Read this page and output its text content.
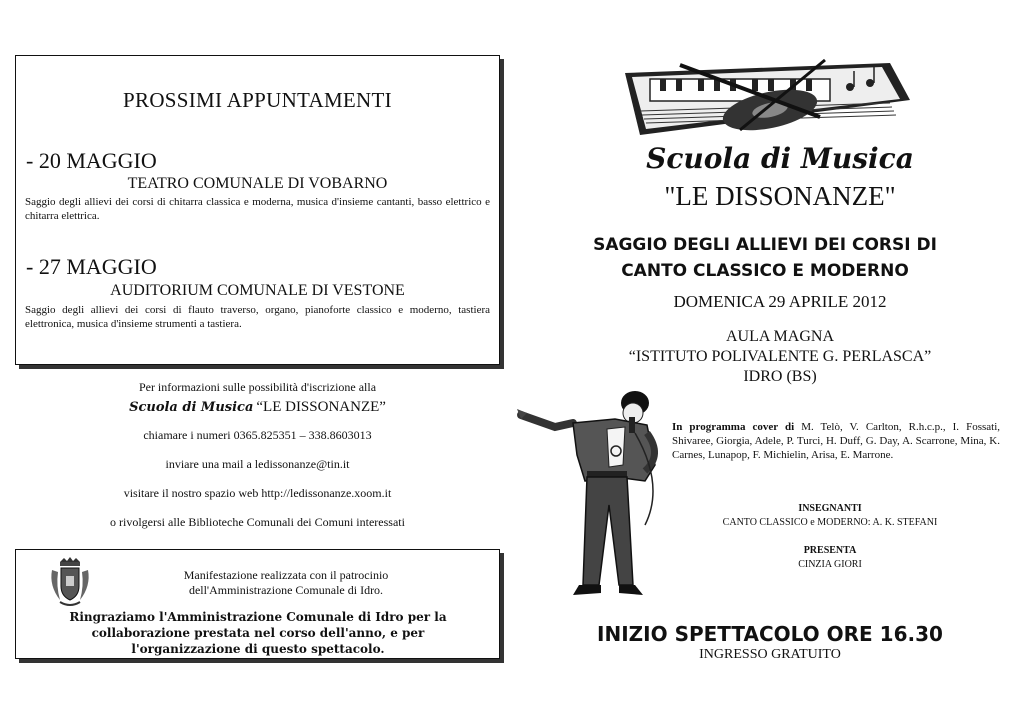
PROSSIMI APPUNTAMENTI
- 20 MAGGIO
TEATRO COMUNALE DI VOBARNO
Saggio degli allievi dei corsi di chitarra classica e moderna, musica d'insieme cantanti, basso elettrico e chitarra elettrica.
- 27 MAGGIO
AUDITORIUM COMUNALE DI VESTONE
Saggio degli allievi dei corsi di flauto traverso, organo, pianoforte classico e moderno, tastiera elettronica, musica d'insieme strumenti a tastiera.
Per informazioni sulle possibilità d'iscrizione alla
Scuola di Musica “LE DISSONANZE”
chiamare i numeri 0365.825351 – 338.8603013
inviare una mail a ledissonanze@tin.it
visitare il nostro spazio web http://ledissonanze.xoom.it
o rivolgersi alle Biblioteche Comunali dei Comuni interessati
Manifestazione realizzata con il patrocinio
dell'Amministrazione Comunale di Idro.
Ringraziamo l'Amministrazione Comunale di Idro per la collaborazione prestata nel corso dell'anno, e per l'organizzazione di questo spettacolo.
Scuola di Musica
"LE DISSONANZE"
SAGGIO DEGLI ALLIEVI DEI CORSI DI
CANTO CLASSICO E MODERNO
DOMENICA 29 APRILE 2012
AULA MAGNA
“ISTITUTO POLIVALENTE G. PERLASCA”
IDRO (BS)
In programma cover di M. Telò, V. Carlton, R.h.c.p., I. Fossati, Shivaree, Giorgia, Adele, P. Turci, H. Duff, G. Day, A. Scarrone, Mina, K. Carnes, Lunapop, F. Michielin, Arisa, E. Marrone.
INSEGNANTI
CANTO CLASSICO e MODERNO: A. K. STEFANI
PRESENTA
CINZIA GIORI
INIZIO SPETTACOLO ORE 16.30
INGRESSO GRATUITO
